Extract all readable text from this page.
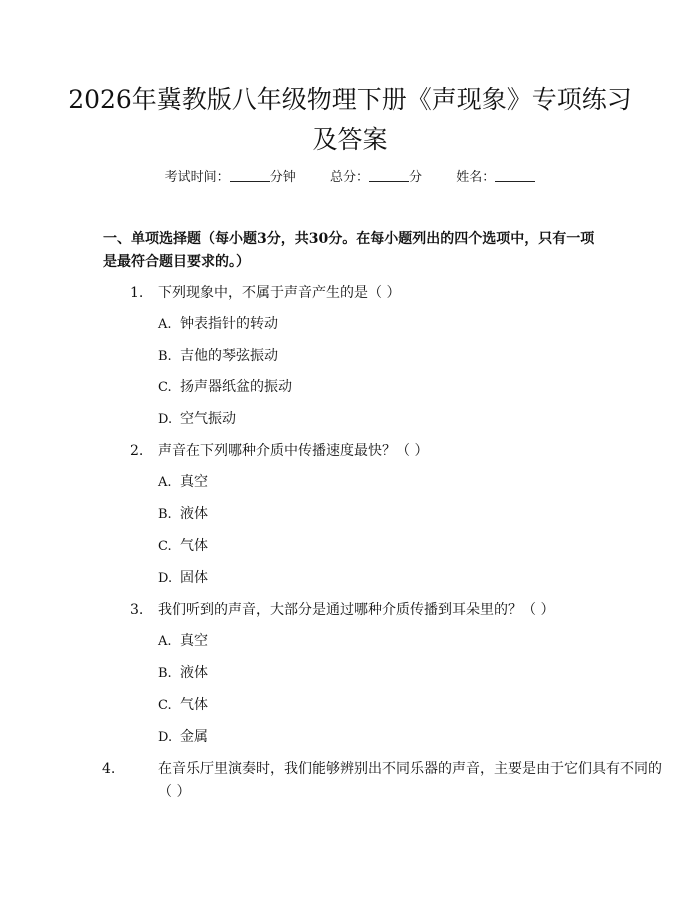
2026年冀教版八年级物理下册《声现象》专项练习及答案
考试时间：	分钟	总分：	分	姓名：
一、单项选择题（每小题3分，共30分。在每小题列出的四个选项中，只有一项是最符合题目要求的。）
1. 下列现象中，不属于声音产生的是（ ）
A. 钟表指针的转动
B. 吉他的琴弦振动
C. 扬声器纸盆的振动
D. 空气振动
2. 声音在下列哪种介质中传播速度最快？（ ）
A. 真空
B. 液体
C. 气体
D. 固体
3. 我们听到的声音，大部分是通过哪种介质传播到耳朵里的？（ ）
A. 真空
B. 液体
C. 气体
D. 金属
4.	在音乐厅里演奏时，我们能够辨别出不同乐器的声音，主要是由于它们具有不同的（ ）
